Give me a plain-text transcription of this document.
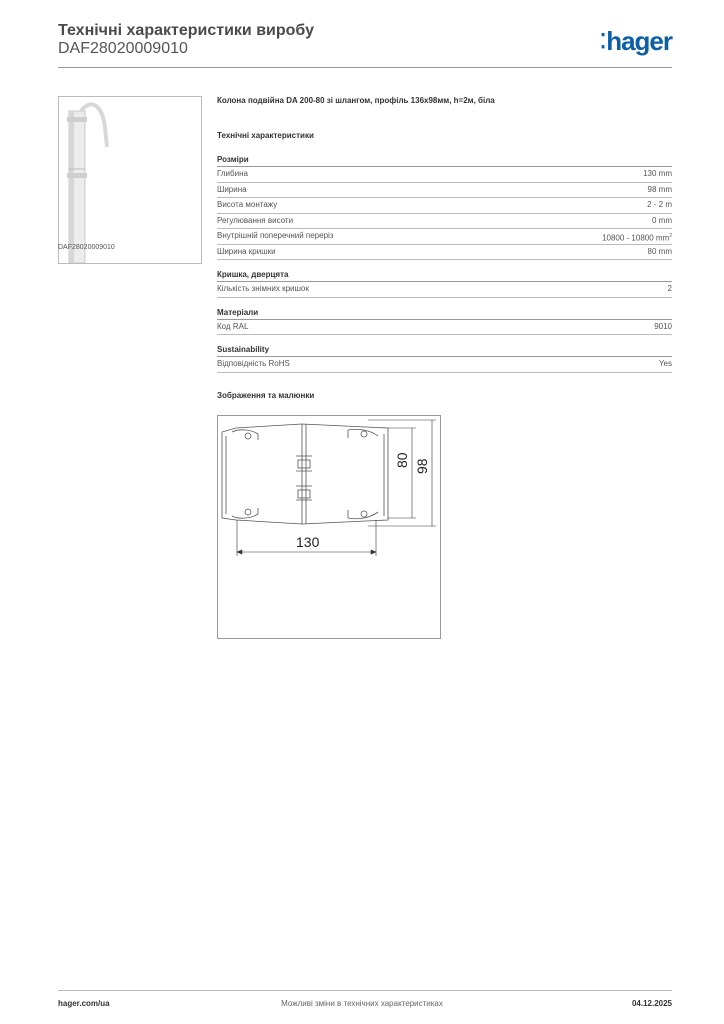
Технічні характеристики виробу
DAF28020009010	⁚hager
DAF28020009010
Колона подвійна DA 200-80 зі шлангом, профіль 136x98мм, h=2м, біла
Технічні характеристики
Розміри
Глибина	130 mm
Ширина	98 mm
Висота монтажу	2 - 2 m
Регулювання висоти	0 mm
Внутрішній поперечний переріз	10800 - 10800 $mm^2$
Ширина кришки	80 mm
Кришка, дверцята
Кількість знімних кришок	2
Матеріали
Код RAL	9010
Sustainability
Відповідність RoHS	Yes
Зображення та малюнки
130
80 98
hager.com/ua	Можливі зміни в технічних характеристиках	04.12.2025
